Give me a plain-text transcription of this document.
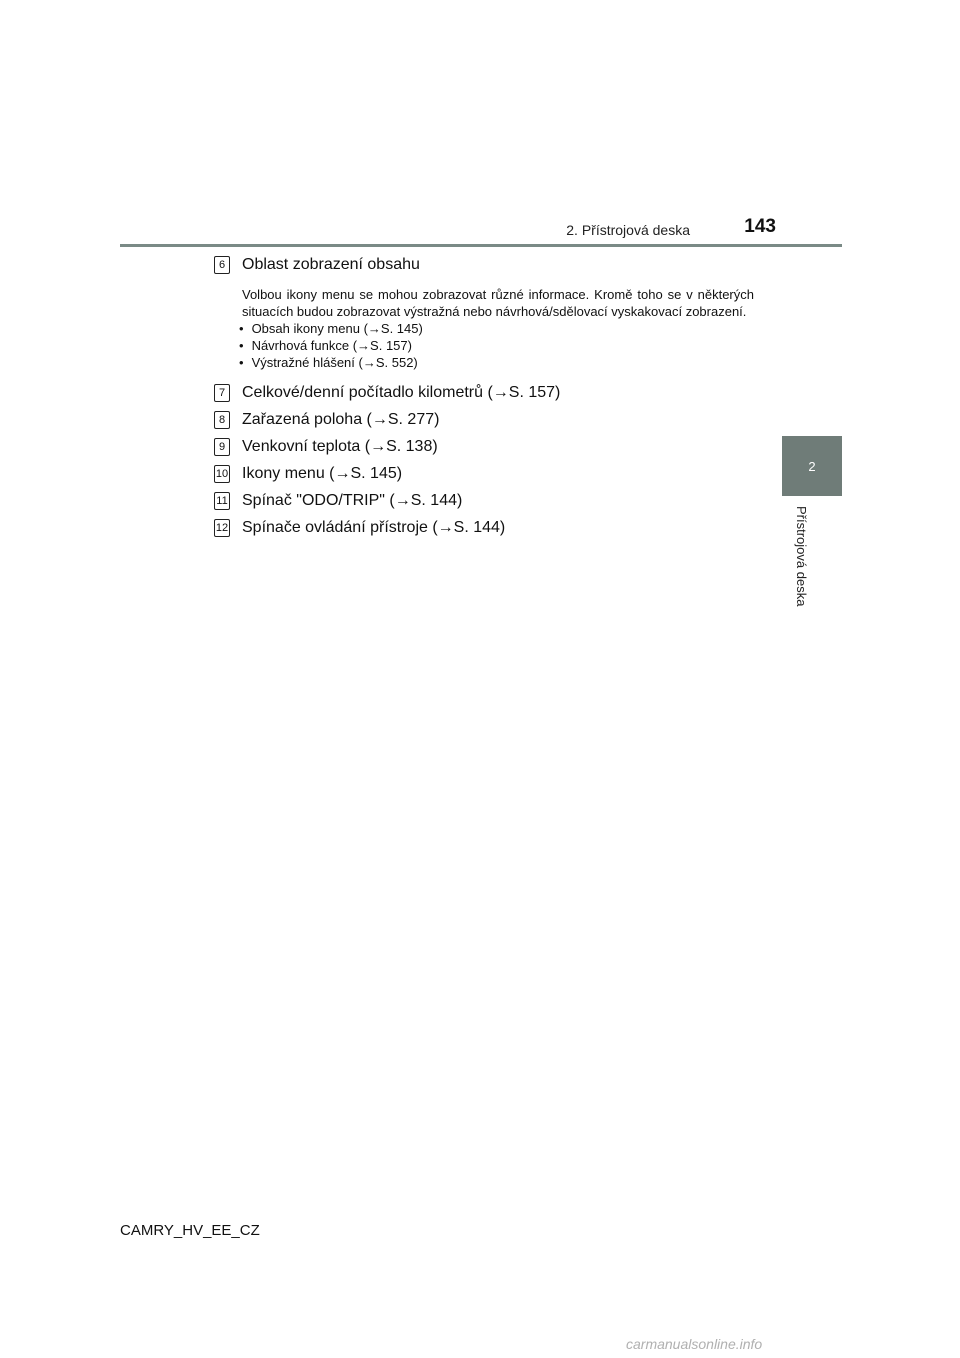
2. Přístrojová deska	143
2
Přístrojová deska
6	Oblast zobrazení obsahu
Volbou ikony menu se mohou zobrazovat různé informace. Kromě toho se v některých situacích budou zobrazovat výstražná nebo návrhová/sdělovací vyskakovací zobrazení.
• Obsah ikony menu (→S. 145)
• Návrhová funkce (→S. 157)
• Výstražné hlášení (→S. 552)
7	Celkové/denní počítadlo kilometrů (→S. 157)
8	Zařazená poloha (→S. 277)
9	Venkovní teplota (→S. 138)
10 Ikony menu (→S. 145)
11 Spínač "ODO/TRIP" (→S. 144)
12 Spínače ovládání přístroje (→S. 144)
CAMRY_HV_EE_CZ
carmanualsonline.info
